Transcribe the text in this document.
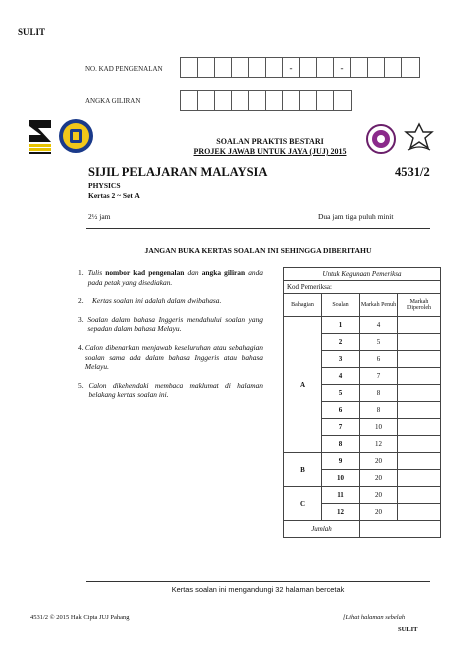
SULIT
NO. KAD PENGENALAN	-	-
ANGKA GILIRAN
SOALAN PRAKTIS BESTARI
PROJEK JAWAB UNTUK JAYA (JUJ) 2015
SIJIL PELAJARAN MALAYSIA	4531/2
PHYSICS
Kertas 2 ~ Set A
2½ jam	Dua jam tiga puluh minit
JANGAN BUKA KERTAS SOALAN INI SEHINGGA DIBERITAHU
1. Tulis nombor kad pengenalan dan angka giliran anda pada petak yang disediakan.
2.	Kertas soalan ini adalah dalam dwibahasa.
3. Soalan dalam bahasa Inggeris mendahului soalan yang sepadan dalam bahasa Melayu.
4. Calon dibenarkan menjawab keseluruhan atau sebahagian soalan sama ada dalam bahasa Inggeris atau bahasa Melayu.
5. Calon dikehendaki membaca maklumat di halaman belakang kertas soalan ini.
Untuk Kegunaan Pemeriksa			
Kod Pemeriksa:			
Bahagian	Soalan	Markah Penuh	Markah Diperoleh
A	1	4	
	2	5	
	3	6	
	4	7	
	5	8	
	6	8	
	7	10	
	8	12	
B	9	20	
	10	20	
C	11	20	
	12	20	
Jumlah			
Kertas soalan ini mengandungi 32 halaman bercetak
4531/2 © 2015 Hak Cipta JUJ Pahang	[Lihat halaman sebelah
SULIT
